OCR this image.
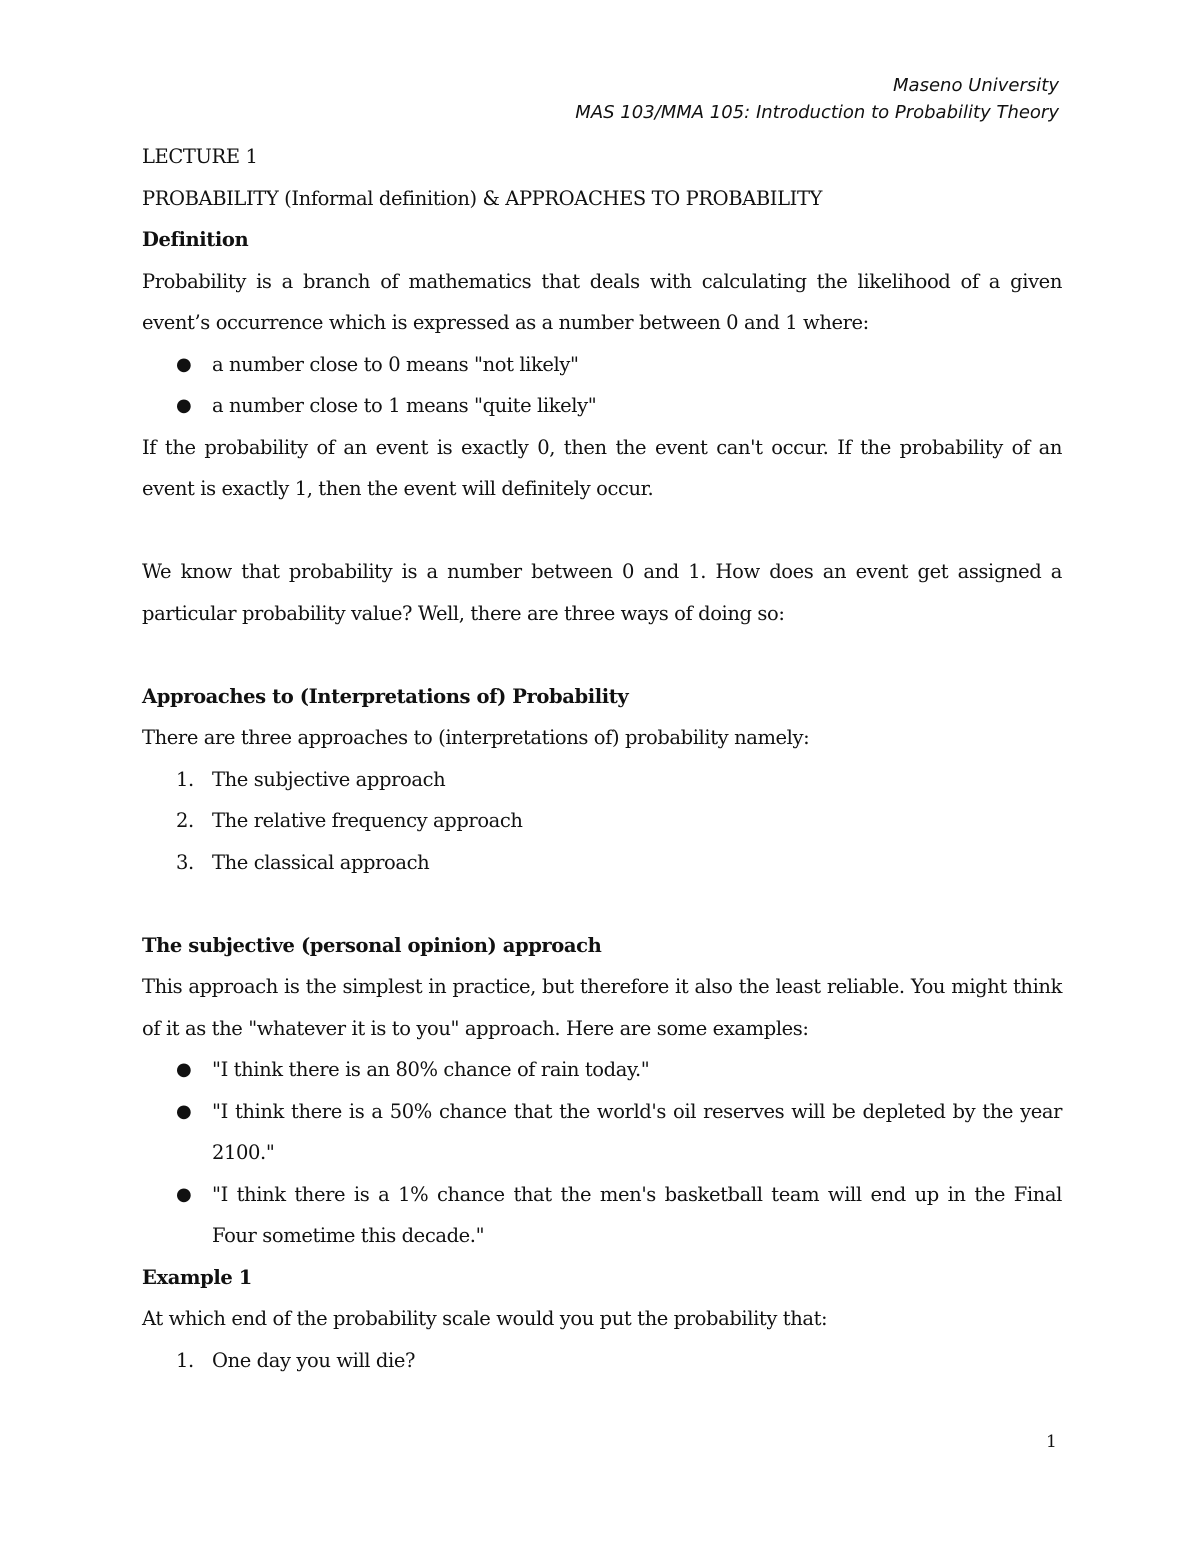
Maseno University
MAS 103/MMA 105: Introduction to Probability Theory

LECTURE 1

PROBABILITY (Informal definition) & APPROACHES TO PROBABILITY

Definition

Probability is a branch of mathematics that deals with calculating the likelihood of a given event’s occurrence which is expressed as a number between 0 and 1 where:

● a number close to 0 means "not likely"
● a number close to 1 means "quite likely"

If the probability of an event is exactly 0, then the event can't occur. If the probability of an event is exactly 1, then the event will definitely occur.

We know that probability is a number between 0 and 1. How does an event get assigned a particular probability value? Well, there are three ways of doing so:

Approaches to (Interpretations of) Probability

There are three approaches to (interpretations of) probability namely:

1. The subjective approach
2. The relative frequency approach
3. The classical approach

The subjective (personal opinion) approach

This approach is the simplest in practice, but therefore it also the least reliable. You might think of it as the "whatever it is to you" approach. Here are some examples:

● "I think there is an 80% chance of rain today."
● "I think there is a 50% chance that the world's oil reserves will be depleted by the year 2100."
● "I think there is a 1% chance that the men's basketball team will end up in the Final Four sometime this decade."

Example 1

At which end of the probability scale would you put the probability that:

1. One day you will die?
1
